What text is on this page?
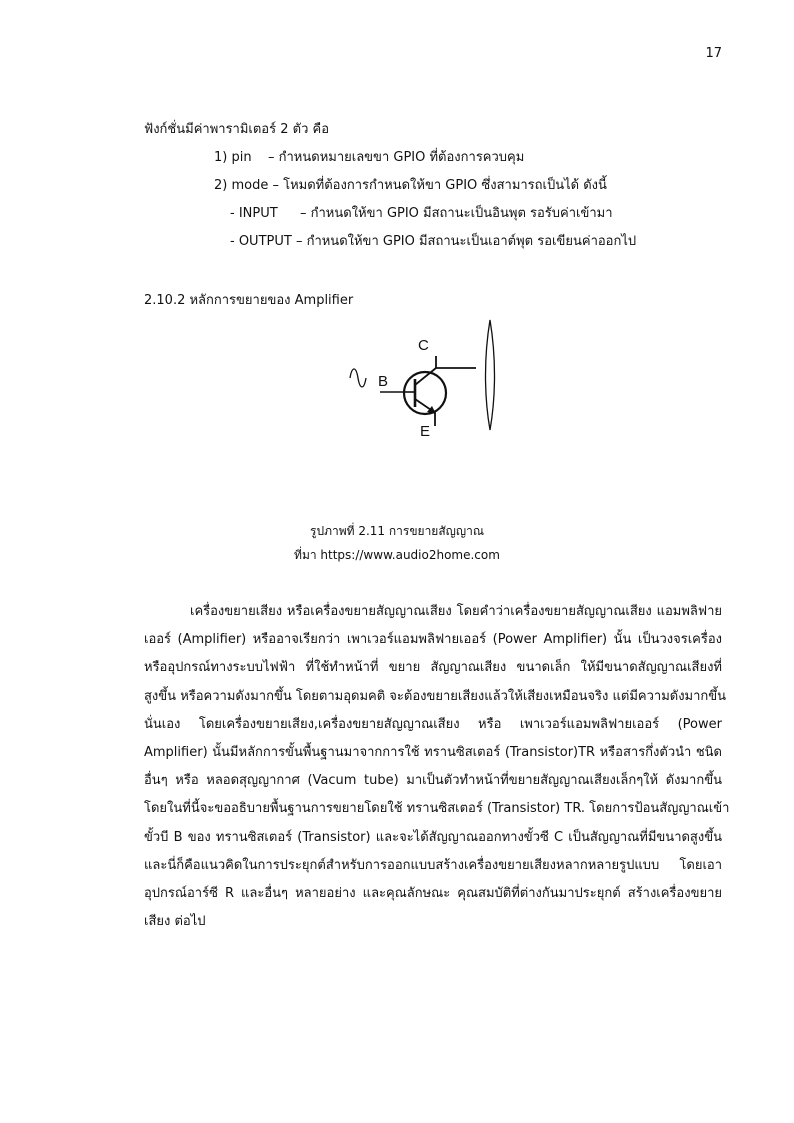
17
ฟังก์ชั่นมีค่าพารามิเตอร์ 2 ตัว คือ
1) pin – กำหนดหมายเลขขา GPIO ที่ต้องการควบคุม
2) mode – โหมดที่ต้องการกำหนดให้ขา GPIO ซึ่งสามารถเป็นได้ ดังนี้
- INPUT – กำหนดให้ขา GPIO มีสถานะเป็นอินพุต รอรับค่าเข้ามา
- OUTPUT – กำหนดให้ขา GPIO มีสถานะเป็นเอาต์พุต รอเขียนค่าออกไป
2.10.2 หลักการขยายของ Amplifier
C
B
E
รูปภาพที่ 2.11 การขยายสัญญาณ
ที่มา https://www.audio2home.com
เครื่องขยายเสียง หรือเครื่องขยายสัญญาณเสียง โดยคำว่าเครื่องขยายสัญญาณเสียง แอมพลิฟาย
เออร์ (Amplifier) หรืออาจเรียกว่า เพาเวอร์แอมพลิฟายเออร์ (Power Amplifier) นั้น เป็นวงจรเครื่อง
หรืออุปกรณ์ทางระบบไฟฟ้า ที่ใช้ทำหน้าที่ ขยาย สัญญาณเสียง ขนาดเล็ก ให้มีขนาดสัญญาณเสียงที่
สูงขึ้น หรือความดังมากขึ้น โดยตามอุดมคติ จะต้องขยายเสียงแล้วให้เสียงเหมือนจริง แต่มีความดังมากขึ้น
นั่นเอง โดยเครื่องขยายเสียง,เครื่องขยายสัญญาณเสียง หรือ เพาเวอร์แอมพลิฟายเออร์ (Power
Amplifier) นั้นมีหลักการขั้นพื้นฐานมาจากการใช้ ทรานซิสเตอร์ (Transistor)TR หรือสารกึ่งตัวนำ ชนิด
อื่นๆ หรือ หลอดสุญญากาศ (Vacum tube) มาเป็นตัวทำหน้าที่ขยายสัญญาณเสียงเล็กๆให้ ดังมากขึ้น
โดยในที่นี้จะขออธิบายพื้นฐานการขยายโดยใช้ ทรานซิสเตอร์ (Transistor) TR. โดยการป้อนสัญญาณเข้า
ขั้วบี B ของ ทรานซิสเตอร์ (Transistor) และจะได้สัญญาณออกทางขั้วซี C เป็นสัญญาณที่มีขนาดสูงขึ้น
และนี่ก็คือแนวคิดในการประยุกต์สำหรับการออกแบบสร้างเครื่องขยายเสียงหลากหลายรูปแบบ โดยเอา
อุปกรณ์อาร์ซี R และอื่นๆ หลายอย่าง และคุณลักษณะ คุณสมบัติที่ต่างกันมาประยุกต์ สร้างเครื่องขยาย
เสียง ต่อไป
